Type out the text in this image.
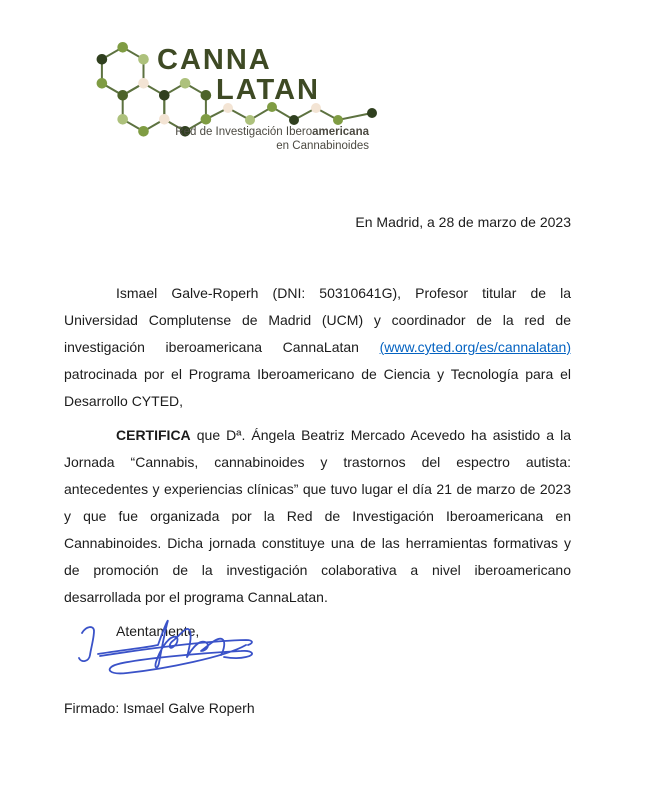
CANNA
LATAN
Red de Investigación Iberoamericana
en Cannabinoides
En Madrid, a 28 de marzo de 2023

Ismael Galve-Roperh (DNI: 50310641G), Profesor titular de la Universidad Complutense de Madrid (UCM) y coordinador de la red de investigación iberoamericana CannaLatan (www.cyted.org/es/cannalatan) patrocinada por el Programa Iberoamericano de Ciencia y Tecnología para el Desarrollo CYTED,

CERTIFICA que Dª. Ángela Beatriz Mercado Acevedo ha asistido a la Jornada “Cannabis, cannabinoides y trastornos del espectro autista: antecedentes y experiencias clínicas” que tuvo lugar el día 21 de marzo de 2023 y que fue organizada por la Red de Investigación Iberoamericana en Cannabinoides. Dicha jornada constituye una de las herramientas formativas y de promoción de la investigación colaborativa a nivel iberoamericano desarrollada por el programa CannaLatan.

Atentamente,

Firmado: Ismael Galve Roperh
